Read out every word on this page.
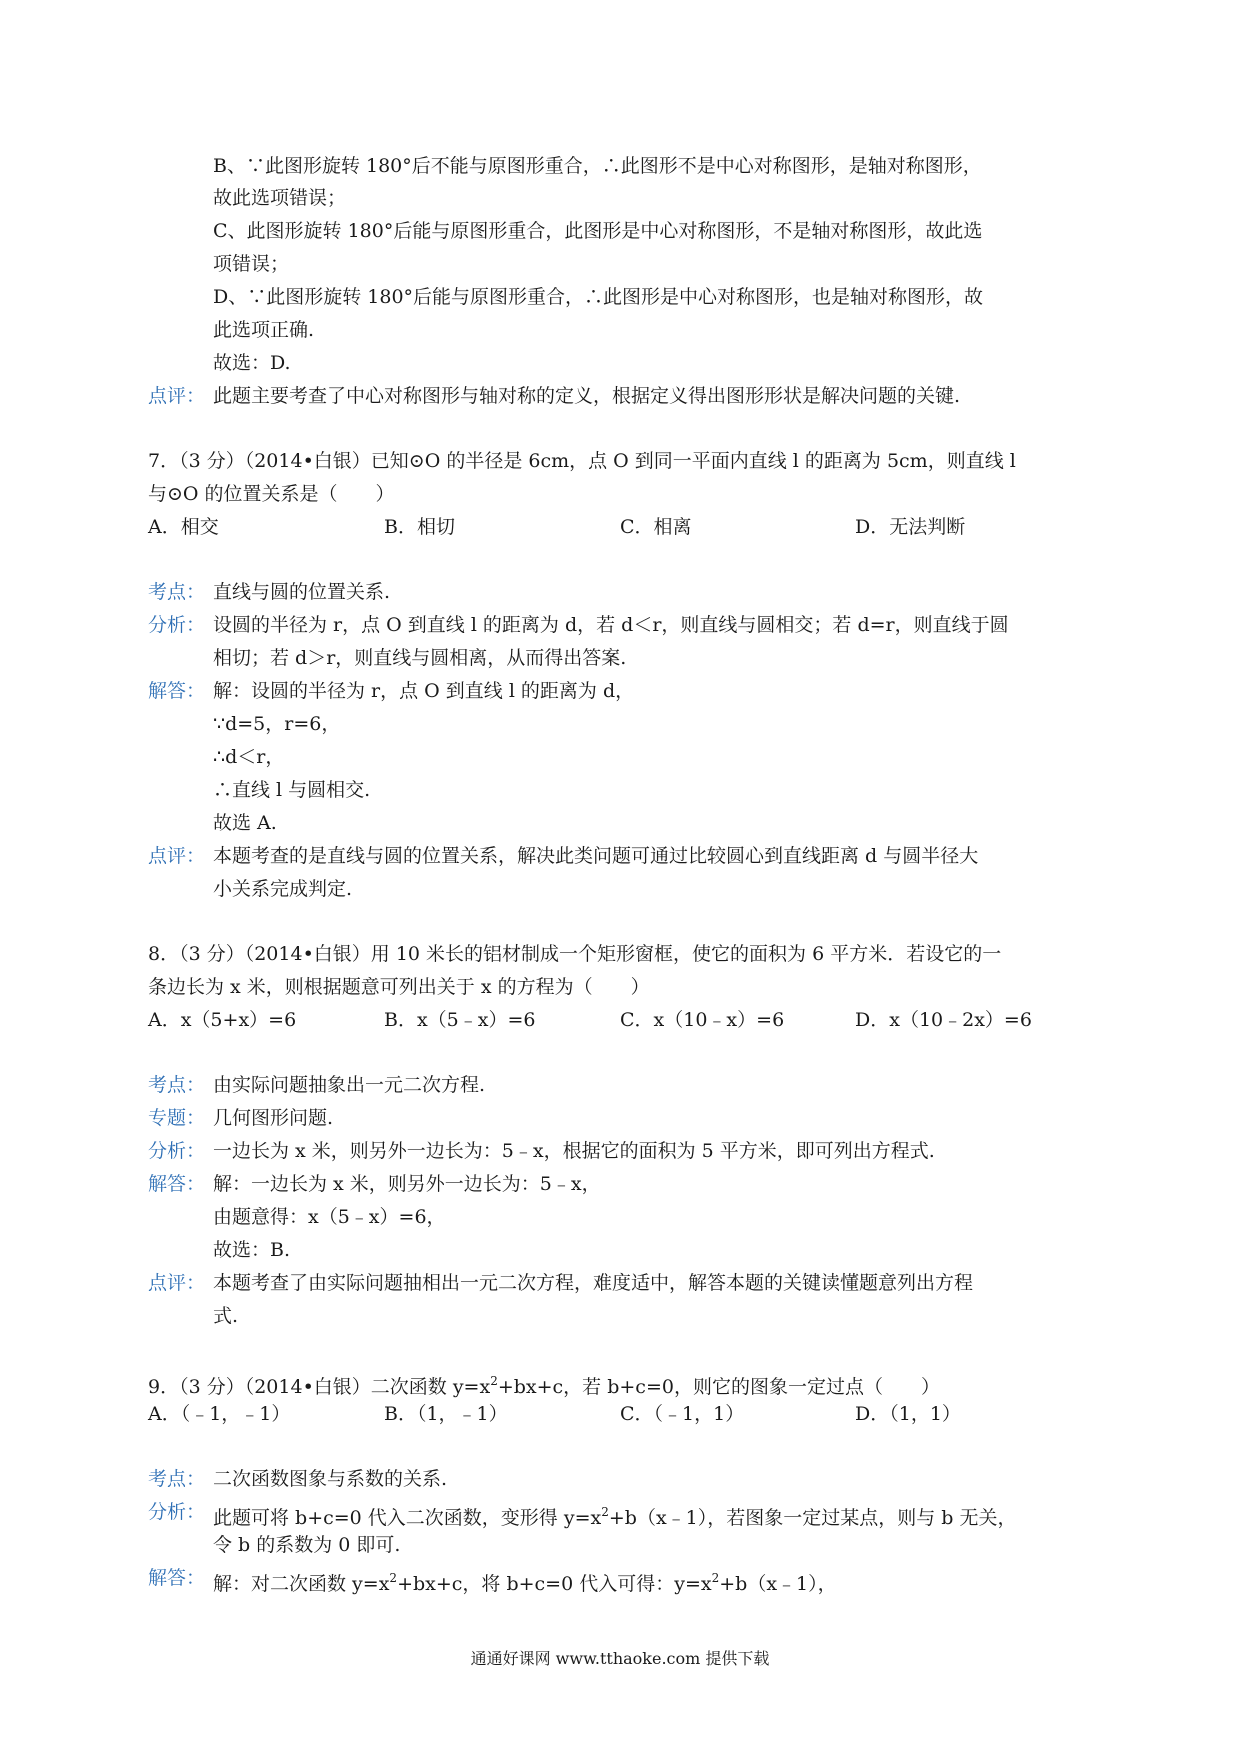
B、∵此图形旋转 180°后不能与原图形重合，∴此图形不是中心对称图形，是轴对称图形，
故此选项错误；
C、此图形旋转 180°后能与原图形重合，此图形是中心对称图形，不是轴对称图形，故此选
项错误；
D、∵此图形旋转 180°后能与原图形重合，∴此图形是中心对称图形，也是轴对称图形，故
此选项正确.
故选：D.
点评： 此题主要考查了中心对称图形与轴对称的定义，根据定义得出图形形状是解决问题的关键.
7．（3 分）（2014•白银）已知⊙O 的半径是 6cm，点 O 到同一平面内直线 l 的距离为 5cm，则直线 l
与⊙O 的位置关系是（　　）
A．相交	B．相切	C．相离	D．无法判断
考点： 直线与圆的位置关系.
分析： 设圆的半径为 r，点 O 到直线 l 的距离为 d，若 d＜r，则直线与圆相交；若 d=r，则直线于圆
相切；若 d＞r，则直线与圆相离，从而得出答案.
解答： 解：设圆的半径为 r，点 O 到直线 l 的距离为 d，
∵d=5，r=6，
∴d＜r，
∴直线 l 与圆相交.
故选 A.
点评： 本题考查的是直线与圆的位置关系，解决此类问题可通过比较圆心到直线距离 d 与圆半径大
小关系完成判定.
8．（3 分）（2014•白银）用 10 米长的铝材制成一个矩形窗框，使它的面积为 6 平方米．若设它的一
条边长为 x 米，则根据题意可列出关于 x 的方程为（　　）
A．x（5+x）=6	B．x（5﹣x）=6	C．x（10﹣x）=6	D．x（10﹣2x）=6
考点： 由实际问题抽象出一元二次方程.
专题： 几何图形问题.
分析： 一边长为 x 米，则另外一边长为：5﹣x，根据它的面积为 5 平方米，即可列出方程式.
解答： 解：一边长为 x 米，则另外一边长为：5﹣x，
由题意得：x（5﹣x）=6，
故选：B.
点评： 本题考查了由实际问题抽相出一元二次方程，难度适中，解答本题的关键读懂题意列出方程
式.
9．（3 分）（2014•白银）二次函数 $y=x^2+bx+c$，若 b+c=0，则它的图象一定过点（　　）
A．（﹣1，﹣1）	B．（1，﹣1）	C．（﹣1，1）	D．（1，1）
考点： 二次函数图象与系数的关系.
分析： 此题可将 b+c=0 代入二次函数，变形得 $y=x^2+b(x﹣1)$，若图象一定过某点，则与 b 无关，
令 b 的系数为 0 即可.
解答： 解：对二次函数 $y=x^2+bx+c$，将 b+c=0 代入可得：$y=x^2+b(x﹣1)$，
通通好课网 www.tthaoke.com 提供下载
